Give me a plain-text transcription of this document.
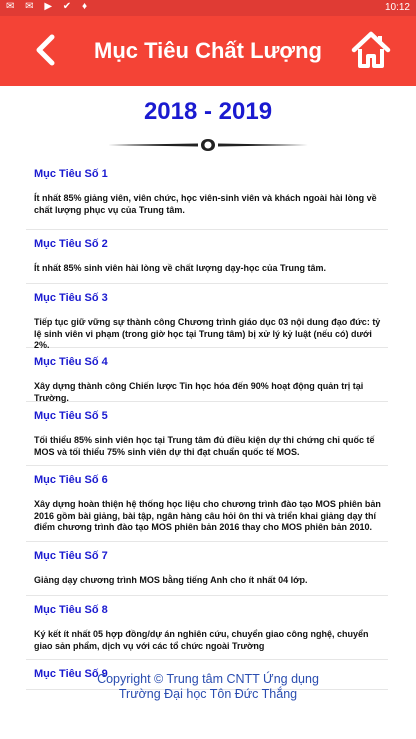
✉ ✉ ▶ ✔ ♦	10:12
Mục Tiêu Chất Lượng
2018 - 2019
Mục Tiêu Số 1
Ít nhất 85% giảng viên, viên chức, học viên-sinh viên và khách ngoài hài lòng về chất lượng phục vụ của Trung tâm.
Mục Tiêu Số 2
Ít nhất 85% sinh viên hài lòng về chất lượng dạy-học của Trung tâm.
Mục Tiêu Số 3
Tiếp tục giữ vững sự thành công Chương trình giáo dục 03 nội dung đạo đức: tỷ lệ sinh viên vi phạm (trong giờ học tại Trung tâm) bị xử lý kỷ luật (nếu có) dưới 2%.
Mục Tiêu Số 4
Xây dựng thành công Chiến lược Tin học hóa đến 90% hoạt động quản trị tại Trường.
Mục Tiêu Số 5
Tối thiểu 85% sinh viên học tại Trung tâm đủ điều kiện dự thi chứng chỉ quốc tế MOS và tối thiểu 75% sinh viên dự thi đạt chuẩn quốc tế MOS.
Mục Tiêu Số 6
Xây dựng hoàn thiện hệ thống học liệu cho chương trình đào tạo MOS phiên bản 2016 gồm bài giảng, bài tập, ngân hàng câu hỏi ôn thi và triển khai giảng dạy thí điểm chương trình đào tạo MOS phiên bản 2016 thay cho MOS phiên bản 2010.
Mục Tiêu Số 7
Giảng dạy chương trình MOS bằng tiếng Anh cho ít nhất 04 lớp.
Mục Tiêu Số 8
Ký kết ít nhất 05 hợp đồng/dự án nghiên cứu, chuyển giao công nghệ, chuyển giao sản phẩm, dịch vụ với các tổ chức ngoài Trường
Mục Tiêu Số 9
Copyright © Trung tâm CNTT Ứng dụng
Trường Đại học Tôn Đức Thắng
